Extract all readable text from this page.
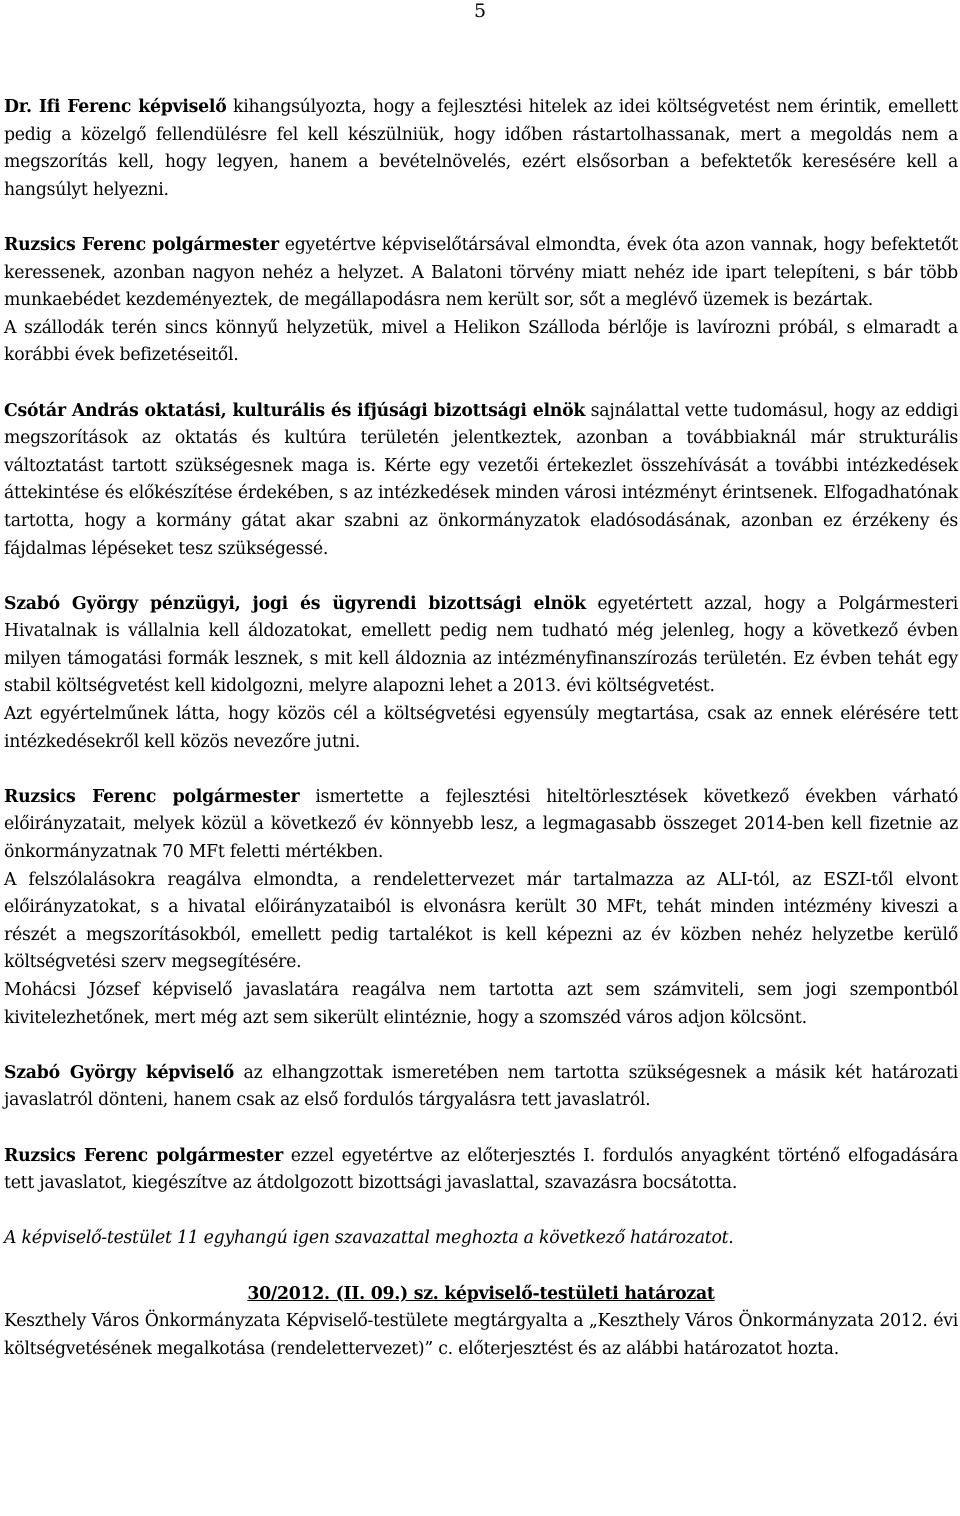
5

Dr. Ifi Ferenc képviselő kihangsúlyozta, hogy a fejlesztési hitelek az idei költségvetést nem érintik, emellett pedig a közelgő fellendülésre fel kell készülniük, hogy időben rástartolhassanak, mert a megoldás nem a megszorítás kell, hogy legyen, hanem a bevételnövelés, ezért elsősorban a befektetők keresésére kell a hangsúlyt helyezni.

Ruzsics Ferenc polgármester egyetértve képviselőtársával elmondta, évek óta azon vannak, hogy befektetőt keressenek, azonban nagyon nehéz a helyzet. A Balatoni törvény miatt nehéz ide ipart telepíteni, s bár több munkaebédet kezdeményeztek, de megállapodásra nem került sor, sőt a meglévő üzemek is bezártak.

A szállodák terén sincs könnyű helyzetük, mivel a Helikon Szálloda bérlője is lavírozni próbál, s elmaradt a korábbi évek befizetéseitől.

Csótár András oktatási, kulturális és ifjúsági bizottsági elnök sajnálattal vette tudomásul, hogy az eddigi megszorítások az oktatás és kultúra területén jelentkeztek, azonban a továbbiaknál már strukturális változtatást tartott szükségesnek maga is. Kérte egy vezetői értekezlet összehívását a további intézkedések áttekintése és előkészítése érdekében, s az intézkedések minden városi intézményt érintsenek. Elfogadhatónak tartotta, hogy a kormány gátat akar szabni az önkormányzatok eladósodásának, azonban ez érzékeny és fájdalmas lépéseket tesz szükségessé.

Szabó György pénzügyi, jogi és ügyrendi bizottsági elnök egyetértett azzal, hogy a Polgármesteri Hivatalnak is vállalnia kell áldozatokat, emellett pedig nem tudható még jelenleg, hogy a következő évben milyen támogatási formák lesznek, s mit kell áldoznia az intézményfinanszírozás területén. Ez évben tehát egy stabil költségvetést kell kidolgozni, melyre alapozni lehet a 2013. évi költségvetést.

Azt egyértelműnek látta, hogy közös cél a költségvetési egyensúly megtartása, csak az ennek elérésére tett intézkedésekről kell közös nevezőre jutni.

Ruzsics Ferenc polgármester ismertette a fejlesztési hiteltörlesztések következő években várható előirányzatait, melyek közül a következő év könnyebb lesz, a legmagasabb összeget 2014-ben kell fizetnie az önkormányzatnak 70 MFt feletti mértékben.

A felszólalásokra reagálva elmondta, a rendelettervezet már tartalmazza az ALI-tól, az ESZI-től elvont előirányzatokat, s a hivatal előirányzataiból is elvonásra került 30 MFt, tehát minden intézmény kiveszi a részét a megszorításokból, emellett pedig tartalékot is kell képezni az év közben nehéz helyzetbe kerülő költségvetési szerv megsegítésére.

Mohácsi József képviselő javaslatára reagálva nem tartotta azt sem számviteli, sem jogi szempontból kivitelezhetőnek, mert még azt sem sikerült elintéznie, hogy a szomszéd város adjon kölcsönt.

Szabó György képviselő az elhangzottak ismeretében nem tartotta szükségesnek a másik két határozati javaslatról dönteni, hanem csak az első fordulós tárgyalásra tett javaslatról.

Ruzsics Ferenc polgármester ezzel egyetértve az előterjesztés I. fordulós anyagként történő elfogadására tett javaslatot, kiegészítve az átdolgozott bizottsági javaslattal, szavazásra bocsátotta.

A képviselő-testület 11 egyhangú igen szavazattal meghozta a következő határozatot.

30/2012. (II. 09.) sz. képviselő-testületi határozat

Keszthely Város Önkormányzata Képviselő-testülete megtárgyalta a „Keszthely Város Önkormányzata 2012. évi költségvetésének megalkotása (rendelettervezet)” c. előterjesztést és az alábbi határozatot hozta.
